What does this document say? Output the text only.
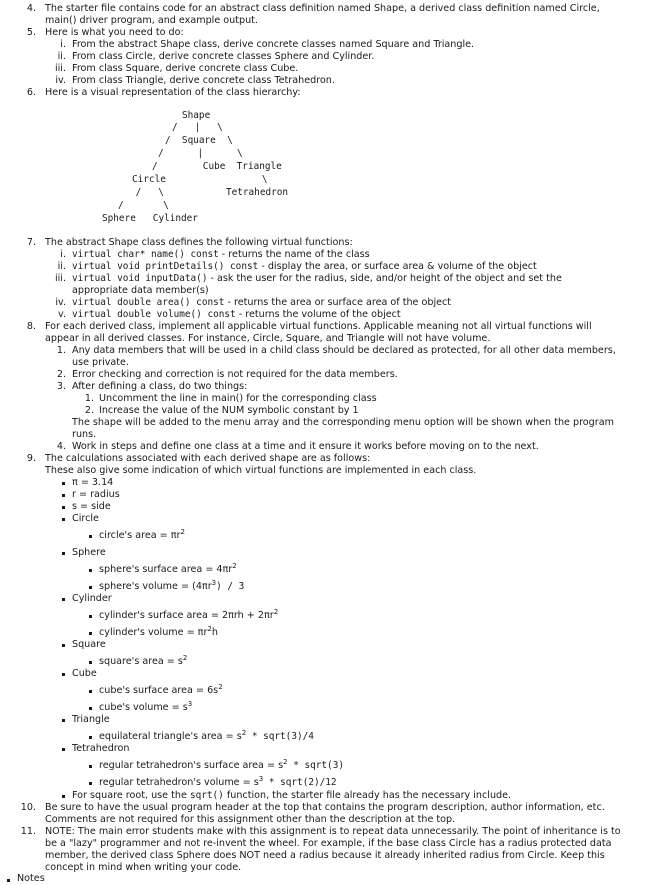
4. The starter file contains code for an abstract class definition named Shape, a derived class definition named Circle,
main() driver program, and example output.
5. Here is what you need to do:
i. From the abstract Shape class, derive concrete classes named Square and Triangle.
ii. From class Circle, derive concrete classes Sphere and Cylinder.
iii. From class Square, derive concrete class Cube.
iv. From class Triangle, derive concrete class Tetrahedron.
6. Here is a visual representation of the class hierarchy:
Shape
/   |   \
/  Square  \
/      |      \
/        Cube  Triangle
Circle                 \
/   \           Tetrahedron
/       \
Sphere   Cylinder
7. The abstract Shape class defines the following virtual functions:
i. virtual char* name() const - returns the name of the class
ii. virtual void printDetails() const - display the area, or surface area & volume of the object
iii. virtual void inputData() - ask the user for the radius, side, and/or height of the object and set the
appropriate data member(s)
iv. virtual double area() const - returns the area or surface area of the object
v. virtual double volume() const - returns the volume of the object
8. For each derived class, implement all applicable virtual functions. Applicable meaning not all virtual functions will
appear in all derived classes. For instance, Circle, Square, and Triangle will not have volume.
1. Any data members that will be used in a child class should be declared as protected, for all other data members,
use private.
2. Error checking and correction is not required for the data members.
3. After defining a class, do two things:
1. Uncomment the line in main() for the corresponding class
2. Increase the value of the NUM symbolic constant by 1
The shape will be added to the menu array and the corresponding menu option will be shown when the program
runs.
4. Work in steps and define one class at a time and it ensure it works before moving on to the next.
9. The calculations associated with each derived shape are as follows:
These also give some indication of which virtual functions are implemented in each class.
π = 3.14
r = radius
s = side
Circle
circle's area = $\pi r^2$
Sphere
sphere's surface area = $4\pi r^2$
sphere's volume = $(4\pi r^3) / 3$
Cylinder
cylinder's surface area = $2\pi rh + 2\pi r^2$
cylinder's volume = $\pi r^2h$
Square
square's area = $s^2$
Cube
cube's surface area = $6s^2$
cube's volume = $s^3$
Triangle
equilateral triangle's area = $s^2$ * sqrt(3)/4
Tetrahedron
regular tetrahedron's surface area = $s^2$ * sqrt(3)
regular tetrahedron's volume = $s^3$ * sqrt(2)/12
For square root, use the sqrt() function, the starter file already has the necessary include.
10. Be sure to have the usual program header at the top that contains the program description, author information, etc.
Comments are not required for this assignment other than the description at the top.
11. NOTE: The main error students make with this assignment is to repeat data unnecessarily. The point of inheritance is to
be a "lazy" programmer and not re-invent the wheel. For example, if the base class Circle has a radius protected data
member, the derived class Sphere does NOT need a radius because it already inherited radius from Circle. Keep this
concept in mind when writing your code.
Notes
